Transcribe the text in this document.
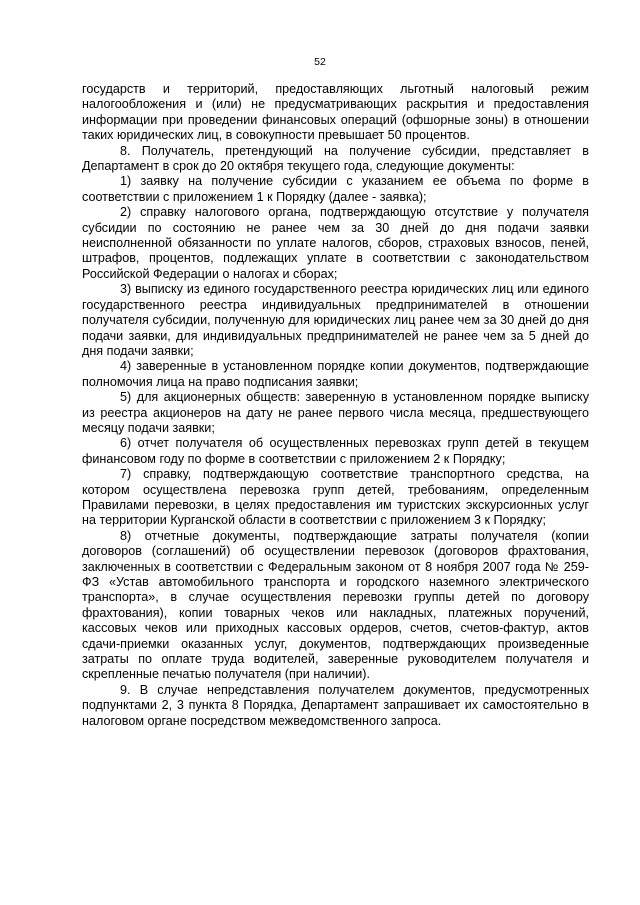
52

государств и территорий, предоставляющих льготный налоговый режим налогообложения и (или) не предусматривающих раскрытия и предоставления информации при проведении финансовых операций (офшорные зоны) в отношении таких юридических лиц, в совокупности превышает 50 процентов.

8. Получатель, претендующий на получение субсидии, представляет в Департамент в срок до 20 октября текущего года, следующие документы:

1) заявку на получение субсидии с указанием ее объема по форме в соответствии с приложением 1 к Порядку (далее - заявка);

2) справку налогового органа, подтверждающую отсутствие у получателя субсидии по состоянию не ранее чем за 30 дней до дня подачи заявки неисполненной обязанности по уплате налогов, сборов, страховых взносов, пеней, штрафов, процентов, подлежащих уплате в соответствии с законодательством Российской Федерации о налогах и сборах;

3) выписку из единого государственного реестра юридических лиц или единого государственного реестра индивидуальных предпринимателей в отношении получателя субсидии, полученную для юридических лиц ранее чем за 30 дней до дня подачи заявки, для индивидуальных предпринимателей не ранее чем за 5 дней до дня подачи заявки;

4) заверенные в установленном порядке копии документов, подтверждающие полномочия лица на право подписания заявки;

5) для акционерных обществ: заверенную в установленном порядке выписку из реестра акционеров на дату не ранее первого числа месяца, предшествующего месяцу подачи заявки;

6) отчет получателя об осуществленных перевозках групп детей в текущем финансовом году по форме в соответствии с приложением 2 к Порядку;

7) справку, подтверждающую соответствие транспортного средства, на котором осуществлена перевозка групп детей, требованиям, определенным Правилами перевозки, в целях предоставления им туристских экскурсионных услуг на территории Курганской области в соответствии с приложением 3 к Порядку;

8) отчетные документы, подтверждающие затраты получателя (копии договоров (соглашений) об осуществлении перевозок (договоров фрахтования, заключенных в соответствии с Федеральным законом от 8 ноября 2007 года № 259-ФЗ «Устав автомобильного транспорта и городского наземного электрического транспорта», в случае осуществления перевозки группы детей по договору фрахтования), копии товарных чеков или накладных, платежных поручений, кассовых чеков или приходных кассовых ордеров, счетов, счетов-фактур, актов сдачи-приемки оказанных услуг, документов, подтверждающих произведенные затраты по оплате труда водителей, заверенные руководителем получателя и скрепленные печатью получателя (при наличии).

9. В случае непредставления получателем документов, предусмотренных подпунктами 2, 3 пункта 8 Порядка, Департамент запрашивает их самостоятельно в налоговом органе посредством межведомственного запроса.
